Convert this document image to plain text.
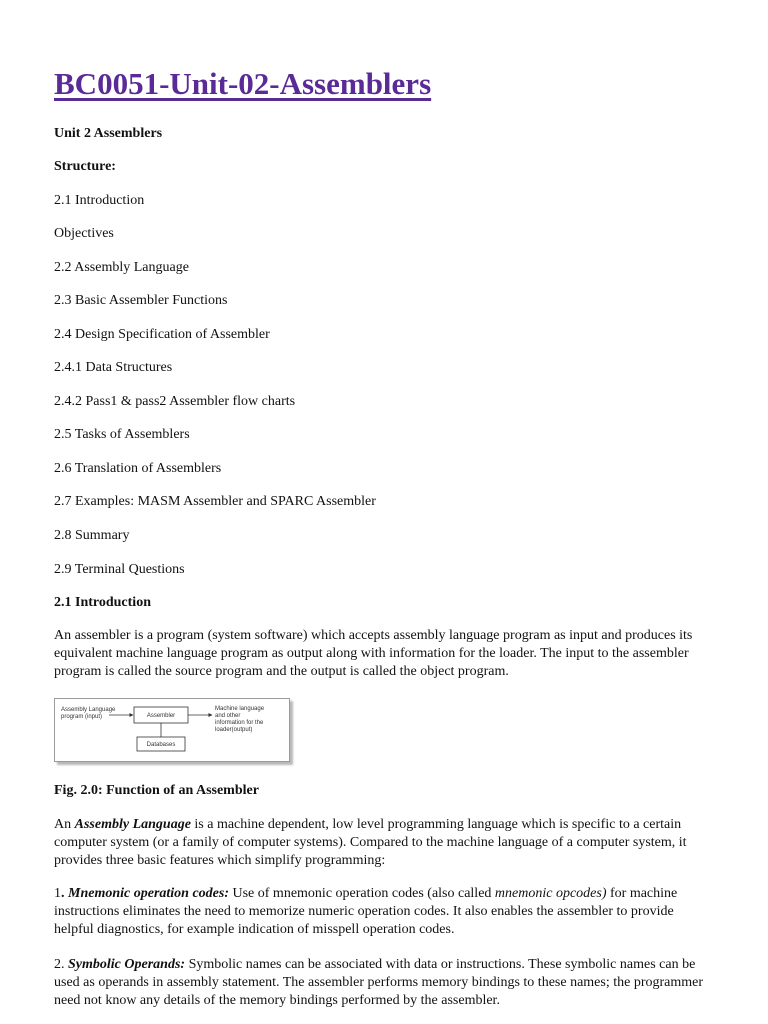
BC0051-Unit-02-Assemblers
Unit 2 Assemblers
Structure:
2.1 Introduction
Objectives
2.2 Assembly Language
2.3 Basic Assembler Functions
2.4 Design Specification of Assembler
2.4.1 Data Structures
2.4.2 Pass1 & pass2 Assembler flow charts
2.5 Tasks of Assemblers
2.6 Translation of Assemblers
2.7 Examples: MASM Assembler and SPARC Assembler
2.8 Summary
2.9 Terminal Questions
2.1 Introduction

An assembler is a program (system software) which accepts assembly language program as input and produces its equivalent machine language program as output along with information for the loader. The input to the assembler program is called the source program and the output is called the object program.

Assembly Language
program (input)	Assembler
Machine language
and other
information for the
loader(output)
Databases
Fig. 2.0: Function of an Assembler

An Assembly Language is a machine dependent, low level programming language which is specific to a certain computer system (or a family of computer systems). Compared to the machine language of a computer system, it provides three basic features which simplify programming:

1. Mnemonic operation codes: Use of mnemonic operation codes (also called mnemonic opcodes) for machine instructions eliminates the need to memorize numeric operation codes. It also enables the assembler to provide helpful diagnostics, for example indication of misspell operation codes.

2. Symbolic Operands: Symbolic names can be associated with data or instructions. These symbolic names can be used as operands in assembly statement. The assembler performs memory bindings to these names; the programmer need not know any details of the memory bindings performed by the assembler.
